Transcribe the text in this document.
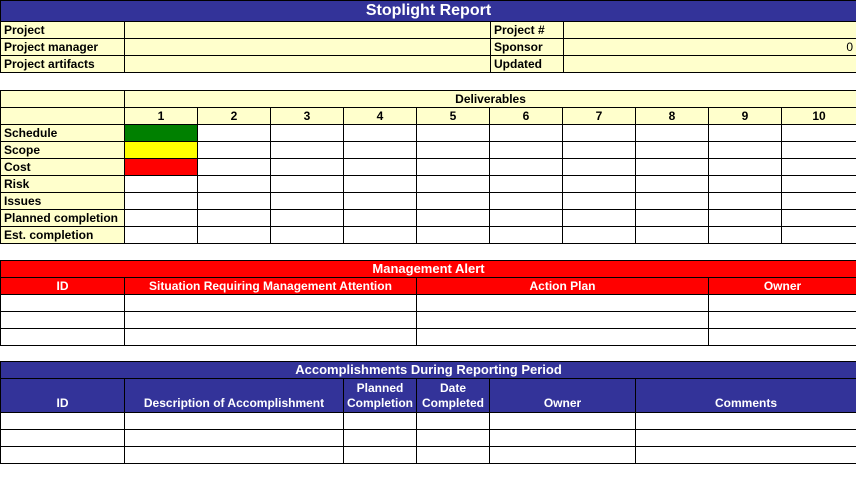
Stoplight Report			
Project		Project #	
Project manager		Sponsor	0
Project artifacts		Updated	
	Deliverables									
	1	2	3	4	5	6	7	8	9	10
Schedule										
Scope										
Cost										
Risk										
Issues										
Planned completion										
Est. completion										
Management Alert			
ID	Situation Requiring Management Attention	Action Plan	Owner

Accomplishments During Reporting Period					
ID	Description of Accomplishment	Planned Completion	Date Completed	Owner	Comments
